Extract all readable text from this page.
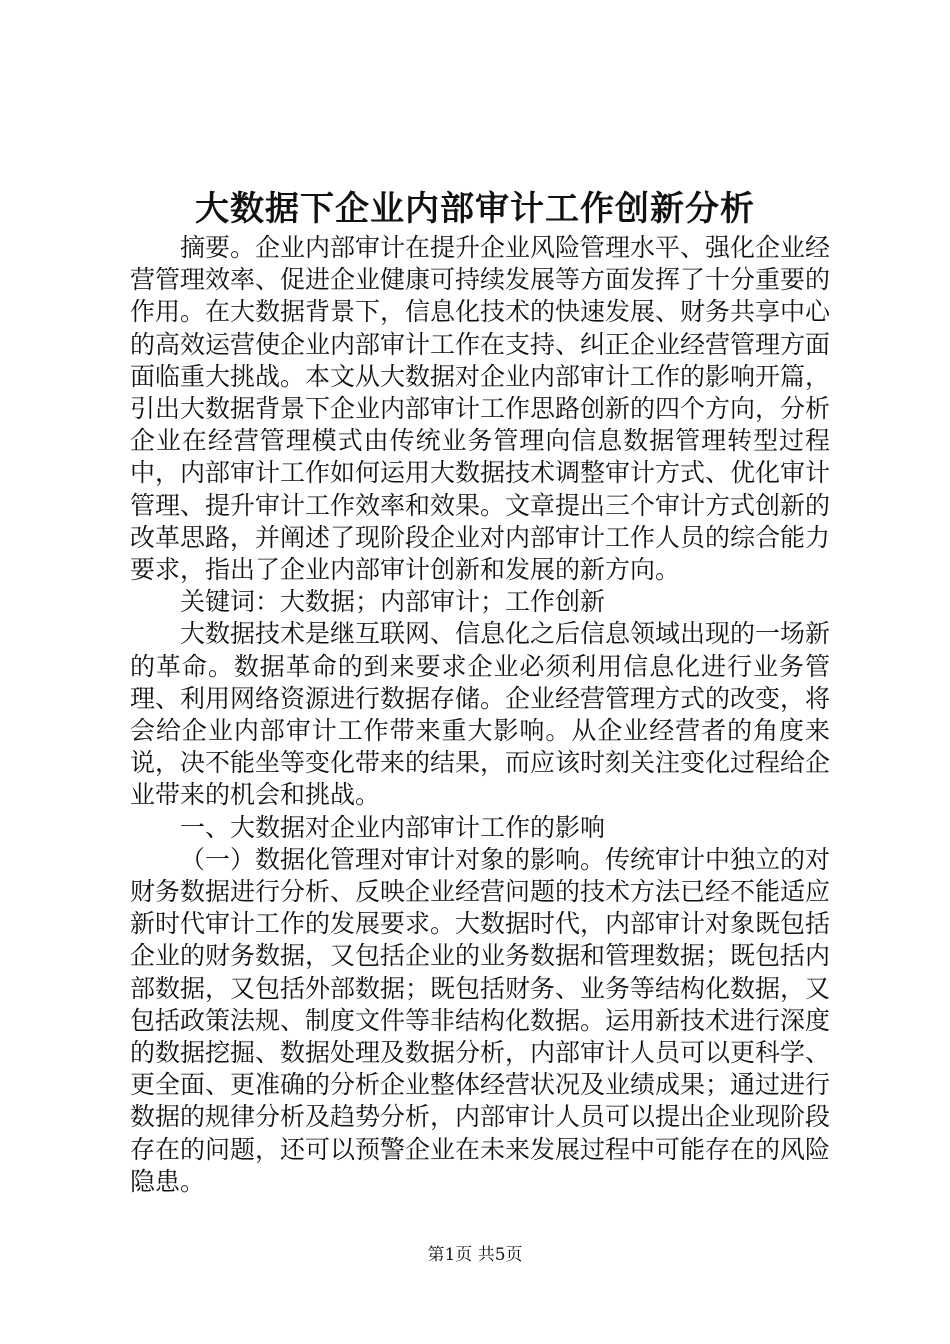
大数据下企业内部审计工作创新分析

摘要。企业内部审计在提升企业风险管理水平、强化企业经营管理效率、促进企业健康可持续发展等方面发挥了十分重要的作用。在大数据背景下，信息化技术的快速发展、财务共享中心的高效运营使企业内部审计工作在支持、纠正企业经营管理方面面临重大挑战。本文从大数据对企业内部审计工作的影响开篇，引出大数据背景下企业内部审计工作思路创新的四个方向，分析企业在经营管理模式由传统业务管理向信息数据管理转型过程中，内部审计工作如何运用大数据技术调整审计方式、优化审计管理、提升审计工作效率和效果。文章提出三个审计方式创新的改革思路，并阐述了现阶段企业对内部审计工作人员的综合能力要求，指出了企业内部审计创新和发展的新方向。

关键词：大数据；内部审计；工作创新

大数据技术是继互联网、信息化之后信息领域出现的一场新的革命。数据革命的到来要求企业必须利用信息化进行业务管理、利用网络资源进行数据存储。企业经营管理方式的改变，将会给企业内部审计工作带来重大影响。从企业经营者的角度来说，决不能坐等变化带来的结果，而应该时刻关注变化过程给企业带来的机会和挑战。

一、大数据对企业内部审计工作的影响

（一）数据化管理对审计对象的影响。传统审计中独立的对财务数据进行分析、反映企业经营问题的技术方法已经不能适应新时代审计工作的发展要求。大数据时代，内部审计对象既包括企业的财务数据，又包括企业的业务数据和管理数据；既包括内部数据，又包括外部数据；既包括财务、业务等结构化数据，又包括政策法规、制度文件等非结构化数据。运用新技术进行深度的数据挖掘、数据处理及数据分析，内部审计人员可以更科学、更全面、更准确的分析企业整体经营状况及业绩成果；通过进行数据的规律分析及趋势分析，内部审计人员可以提出企业现阶段存在的问题，还可以预警企业在未来发展过程中可能存在的风险隐患。

第1页 共5页
